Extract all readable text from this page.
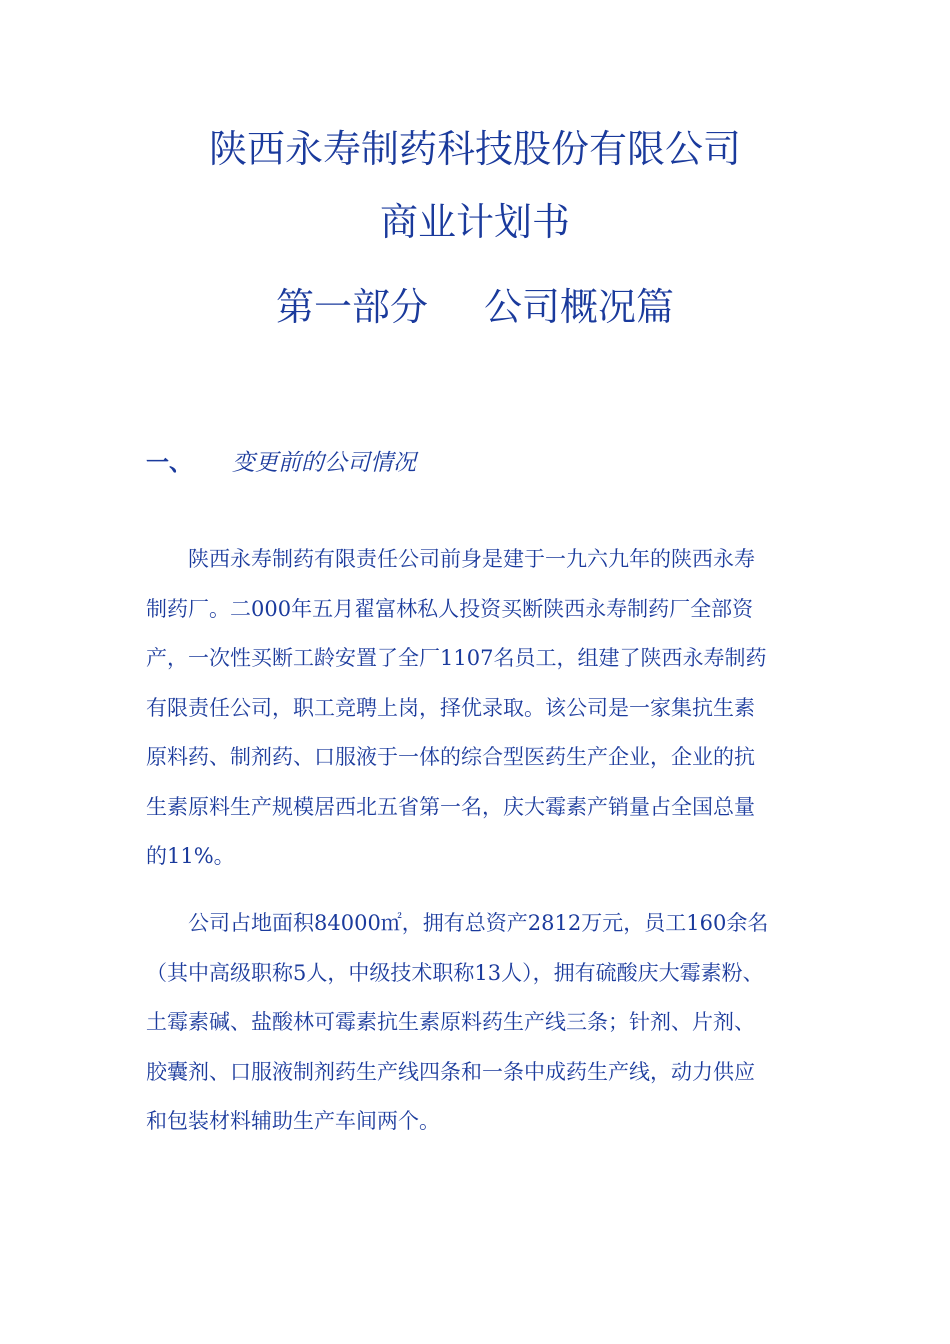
陕西永寿制药科技股份有限公司
商业计划书
第一部分 公司概况篇
一、 变更前的公司情况
陕西永寿制药有限责任公司前身是建于一九六九年的陕西永寿
制药厂。二000年五月翟富林私人投资买断陕西永寿制药厂全部资
产，一次性买断工龄安置了全厂1107名员工，组建了陕西永寿制药
有限责任公司，职工竞聘上岗，择优录取。该公司是一家集抗生素
原料药、制剂药、口服液于一体的综合型医药生产企业，企业的抗
生素原料生产规模居西北五省第一名，庆大霉素产销量占全国总量
的11%。
公司占地面积84000㎡，拥有总资产2812万元，员工160余名
（其中高级职称5人，中级技术职称13人），拥有硫酸庆大霉素粉、
土霉素碱、盐酸林可霉素抗生素原料药生产线三条；针剂、片剂、
胶囊剂、口服液制剂药生产线四条和一条中成药生产线，动力供应
和包装材料辅助生产车间两个。
